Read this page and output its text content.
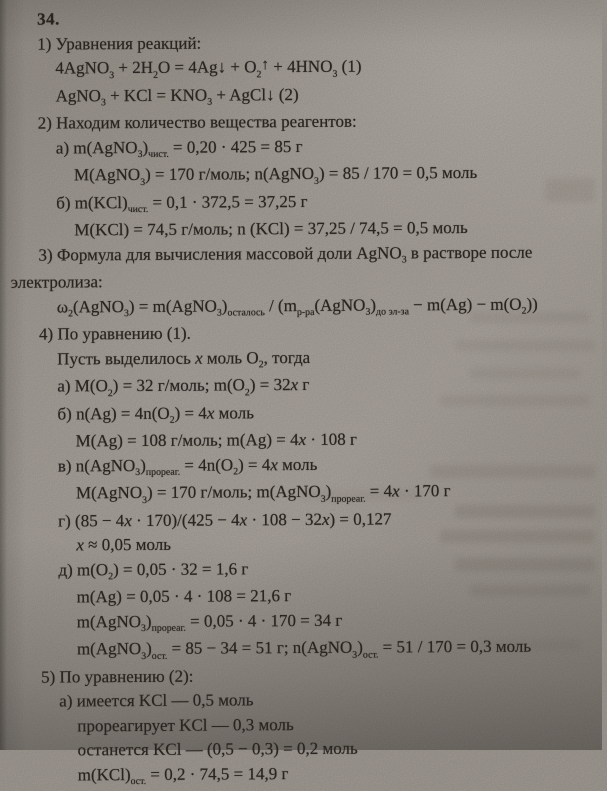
34.
1) Уравнения реакций:
4AgNO$_3$ + $2H_2O$ = 4Ag↓ + $O_2↑ + 4HNO_3$ (1)
AgNO$_3$ + KCl = $KNO_3$ + AgCl↓ (2)
2) Находим количество вещества реагентов:
а) $m(AgNO_3)_{чист.} = 0,20 \cdot 425 = 85$ г
M(AgNO$_3$) = 170 г/моль; n(AgNO$_3$) = 85 / 170 = 0,5 моль
б) $m(KCl)_{чист.} = 0,1 \cdot 372,5 = 37,25$ г
M(KCl) = 74,5 г/моль; n (KCl) = 37,25 / 74,5 = 0,5 моль
3) Формула для вычисления массовой доли AgNO$_3$ в растворе после
электролиза:
$\omega_2(AgNO_3)$ = $m(AgNO_3)_{осталось}$ / $(m_{р-ра}(AgNO_3)_{до эл-за} - m(Ag) - m(O_2))$
4) По уравнению (1).
Пусть выделилось x моль $O_2$, тогда
а) $M(O_2) = 32$ г/моль; $m(O_2) = 32x$ г
б) $n(Ag) = 4n(O_2) = 4x$ моль
M(Ag) = 108 г/моль; m(Ag) = 4x · 108 г
в) $n(AgNO_3)_{прореаг.} = 4n(O_2) = 4x$ моль
M(AgNO$_3$) = 170 г/моль; $m(AgNO_3)_{прореаг.} = 4x \cdot 170$ г
г) (85 − 4x · 170)/(425 − 4x · 108 − 32x) = 0,127
x ≈ 0,05 моль
д) $m(O_2) = 0,05 \cdot 32 = 1,6$ г
m(Ag) = 0,05 · 4 · 108 = 21,6 г
$m(AgNO_3)_{прореаг.} = 0,05 \cdot 4 \cdot 170 = 34$ г
$m(AgNO_3)_{ост.} = 85 - 34 = 51$ г; $n(AgNO_3)_{ост.} = 51 / 170 = 0,3$ моль
5) По уравнению (2):
а) имеется KCl — 0,5 моль
прореагирует KCl — 0,3 моль
останется KCl — (0,5 − 0,3) = 0,2 моль
$m(KCl)_{ост.} = 0,2 \cdot 74,5 = 14,9$ г
